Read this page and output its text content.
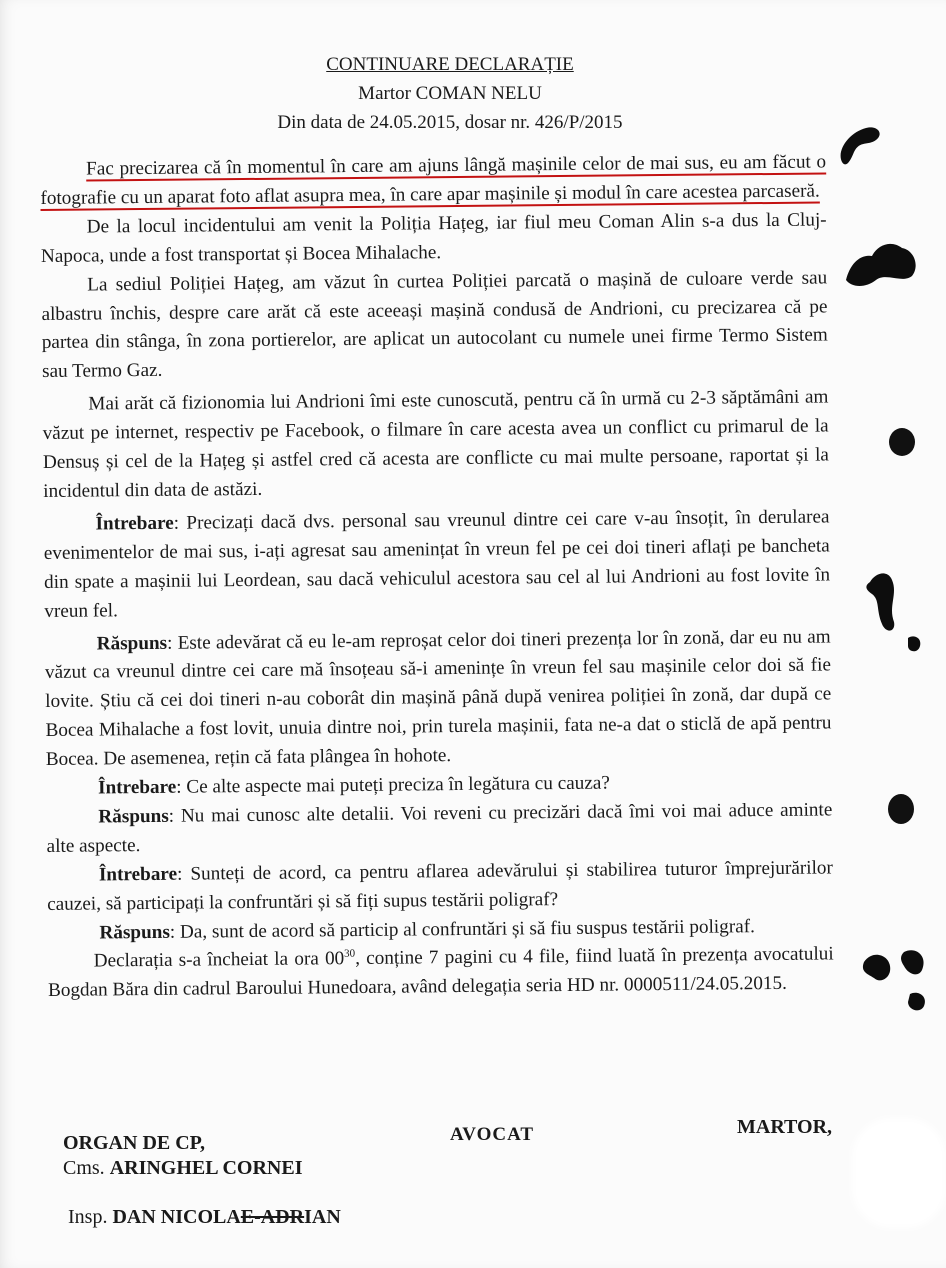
CONTINUARE DECLARAȚIE
Martor COMAN NELU
Din data de 24.05.2015, dosar nr. 426/P/2015

Fac precizarea că în momentul în care am ajuns lângă mașinile celor de mai sus, eu am făcut o fotografie cu un aparat foto aflat asupra mea, în care apar mașinile și modul în care acestea parcaseră.

De la locul incidentului am venit la Poliția Hațeg, iar fiul meu Coman Alin s-a dus la Cluj-Napoca, unde a fost transportat și Bocea Mihalache.

La sediul Poliției Hațeg, am văzut în curtea Poliției parcată o mașină de culoare verde sau albastru închis, despre care arăt că este aceeași mașină condusă de Andrioni, cu precizarea că pe partea din stânga, în zona portierelor, are aplicat un autocolant cu numele unei firme Termo Sistem sau Termo Gaz.

Mai arăt că fizionomia lui Andrioni îmi este cunoscută, pentru că în urmă cu 2-3 săptămâni am văzut pe internet, respectiv pe Facebook, o filmare în care acesta avea un conflict cu primarul de la Densuș și cel de la Hațeg și astfel cred că acesta are conflicte cu mai multe persoane, raportat și la incidentul din data de astăzi.

Întrebare: Precizați dacă dvs. personal sau vreunul dintre cei care v-au însoțit, în derularea evenimentelor de mai sus, i-ați agresat sau amenințat în vreun fel pe cei doi tineri aflați pe bancheta din spate a mașinii lui Leordean, sau dacă vehiculul acestora sau cel al lui Andrioni au fost lovite în vreun fel.

Răspuns: Este adevărat că eu le-am reproșat celor doi tineri prezența lor în zonă, dar eu nu am văzut ca vreunul dintre cei care mă însoțeau să-i amenințe în vreun fel sau mașinile celor doi să fie lovite. Știu că cei doi tineri n-au coborât din mașină până după venirea poliției în zonă, dar după ce Bocea Mihalache a fost lovit, unuia dintre noi, prin turela mașinii, fata ne-a dat o sticlă de apă pentru Bocea. De asemenea, rețin că fata plângea în hohote.

Întrebare: Ce alte aspecte mai puteți preciza în legătura cu cauza?

Răspuns: Nu mai cunosc alte detalii. Voi reveni cu precizări dacă îmi voi mai aduce aminte alte aspecte.

Întrebare: Sunteți de acord, ca pentru aflarea adevărului și stabilirea tuturor împrejurărilor cauzei, să participați la confruntări și să fiți supus testării poligraf?

Răspuns: Da, sunt de acord să particip al confruntări și să fiu suspus testării poligraf.

Declarația s-a încheiat la ora $00^{30}$, conține 7 pagini cu 4 file, fiind luată în prezența avocatului Bogdan Băra din cadrul Baroului Hunedoara, având delegația seria HD nr. 0000511/24.05.2015.

ORGAN DE CP,
Cms. ARINGHEL CORNEI
Insp. DAN NICOLAE-ADRIAN
AVOCAT	MARTOR,
